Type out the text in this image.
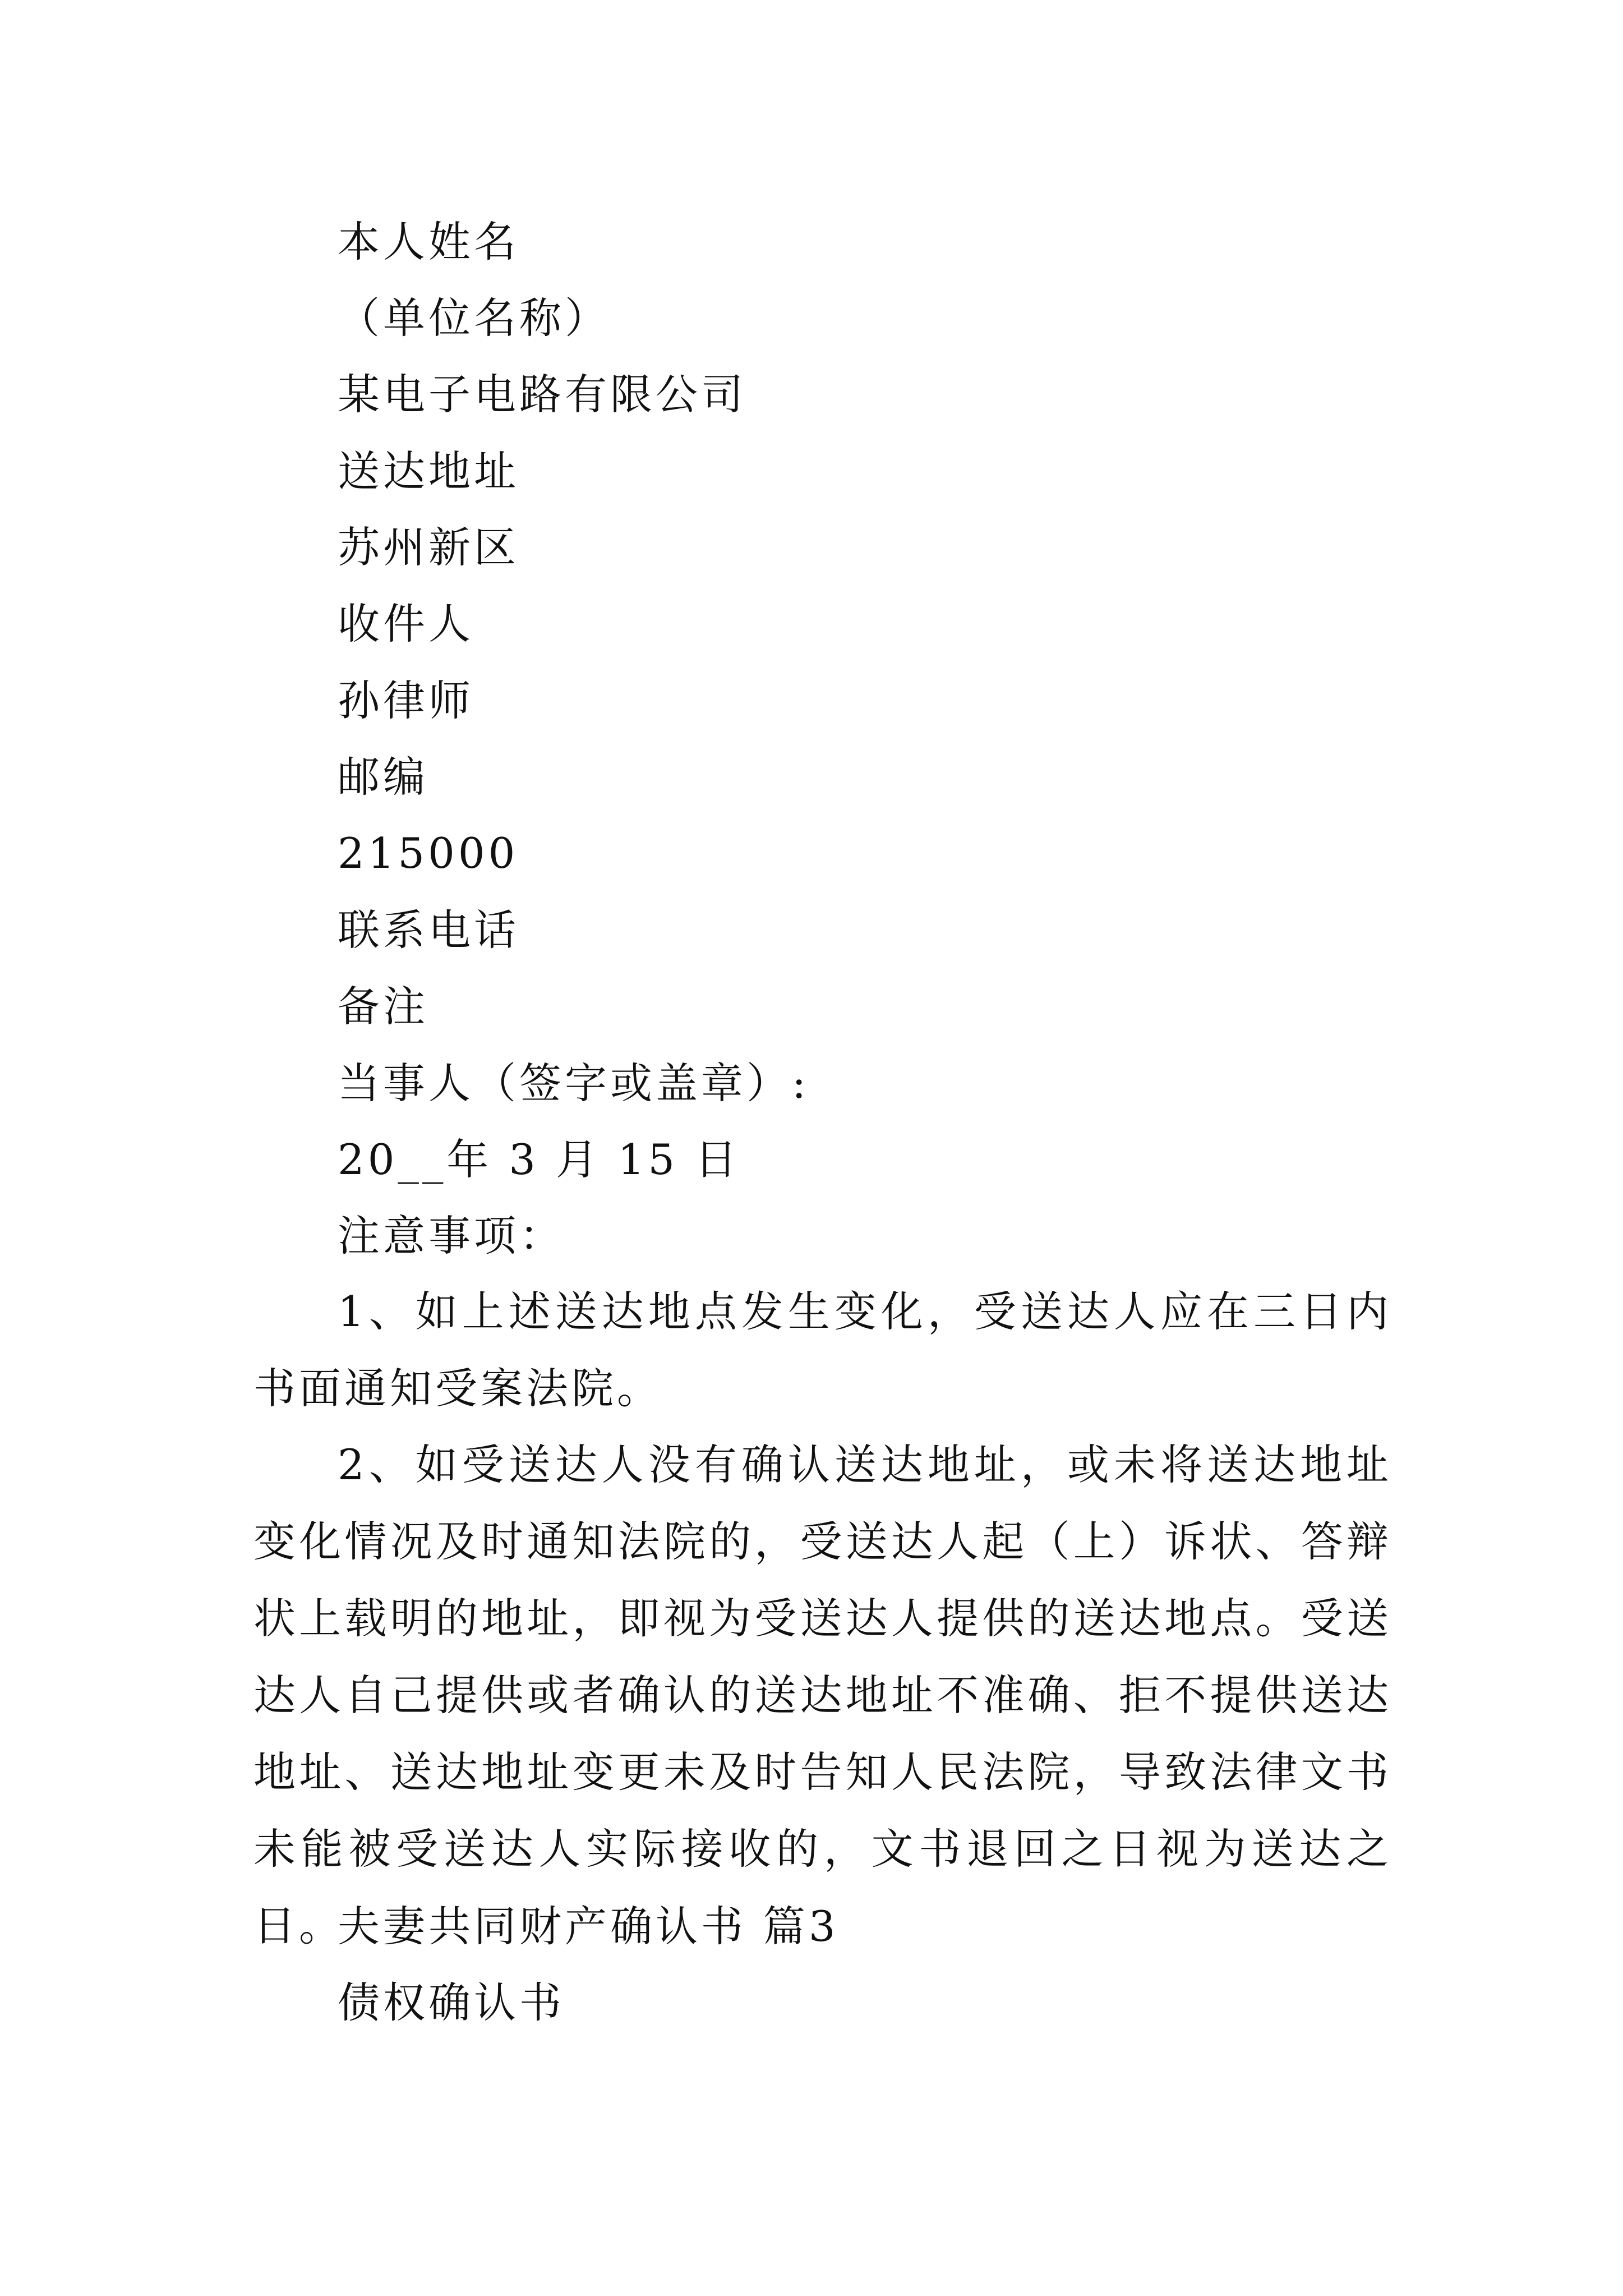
本人姓名
（单位名称）
某电子电路有限公司
送达地址
苏州新区
收件人
孙律师
邮编
215000
联系电话
备注
当事人（签字或盖章）:
20__年 3 月 15 日
注意事项：
1、如上述送达地点发生变化，受送达人应在三日内书面通知受案法院。
2、如受送达人没有确认送达地址，或未将送达地址变化情况及时通知法院的，受送达人起（上）诉状、答辩状上载明的地址，即视为受送达人提供的送达地点。受送达人自己提供或者确认的送达地址不准确、拒不提供送达地址、送达地址变更未及时告知人民法院，导致法律文书未能被受送达人实际接收的，文书退回之日视为送达之日。
夫妻共同财产确认书 篇3
债权确认书
